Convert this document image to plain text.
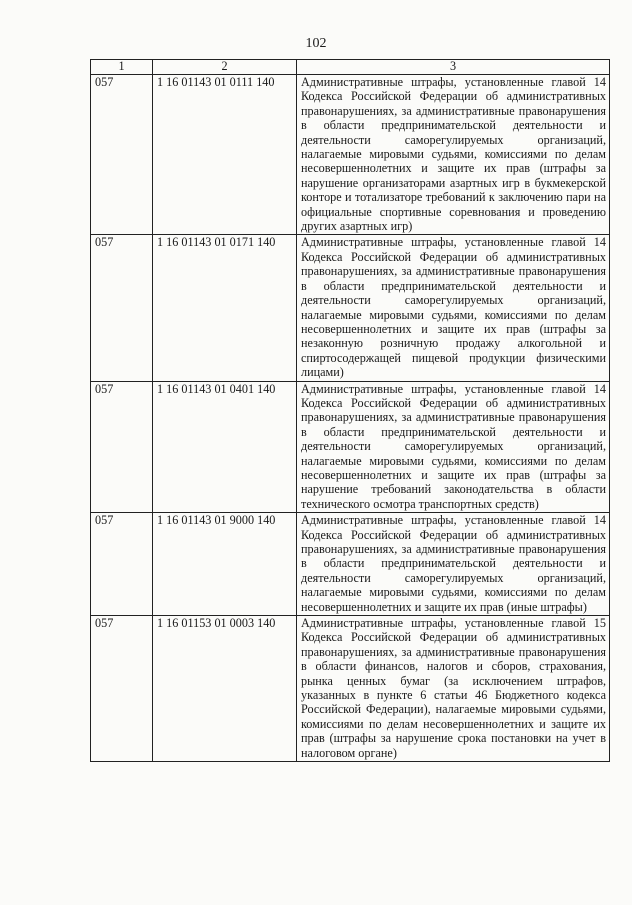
102
1	2	3
057	1 16 01143 01 0111 140	Административные штрафы, установленные главой 14 Кодекса Российской Федерации об административных правонарушениях, за административные правонарушения в области предпринимательской деятельности и деятельности саморегулируемых организаций, налагаемые мировыми судьями, комиссиями по делам несовершеннолетних и защите их прав (штрафы за нарушение организаторами азартных игр в букмекерской конторе и тотализаторе требований к заключению пари на официальные спортивные соревнования и проведению других азартных игр)
057	1 16 01143 01 0171 140	Административные штрафы, установленные главой 14 Кодекса Российской Федерации об административных правонарушениях, за административные правонарушения в области предпринимательской деятельности и деятельности саморегулируемых организаций, налагаемые мировыми судьями, комиссиями по делам несовершеннолетних и защите их прав (штрафы за незаконную розничную продажу алкогольной и спиртосодержащей пищевой продукции физическими лицами)
057	1 16 01143 01 0401 140	Административные штрафы, установленные главой 14 Кодекса Российской Федерации об административных правонарушениях, за административные правонарушения в области предпринимательской деятельности и деятельности саморегулируемых организаций, налагаемые мировыми судьями, комиссиями по делам несовершеннолетних и защите их прав (штрафы за нарушение требований законодательства в области технического осмотра транспортных средств)
057	1 16 01143 01 9000 140	Административные штрафы, установленные главой 14 Кодекса Российской Федерации об административных правонарушениях, за административные правонарушения в области предпринимательской деятельности и деятельности саморегулируемых организаций, налагаемые мировыми судьями, комиссиями по делам несовершеннолетних и защите их прав (иные штрафы)
057	1 16 01153 01 0003 140	Административные штрафы, установленные главой 15 Кодекса Российской Федерации об административных правонарушениях, за административные правонарушения в области финансов, налогов и сборов, страхования, рынка ценных бумаг (за исключением штрафов, указанных в пункте 6 статьи 46 Бюджетного кодекса Российской Федерации), налагаемые мировыми судьями, комиссиями по делам несовершеннолетних и защите их прав (штрафы за нарушение срока постановки на учет в налоговом органе)
